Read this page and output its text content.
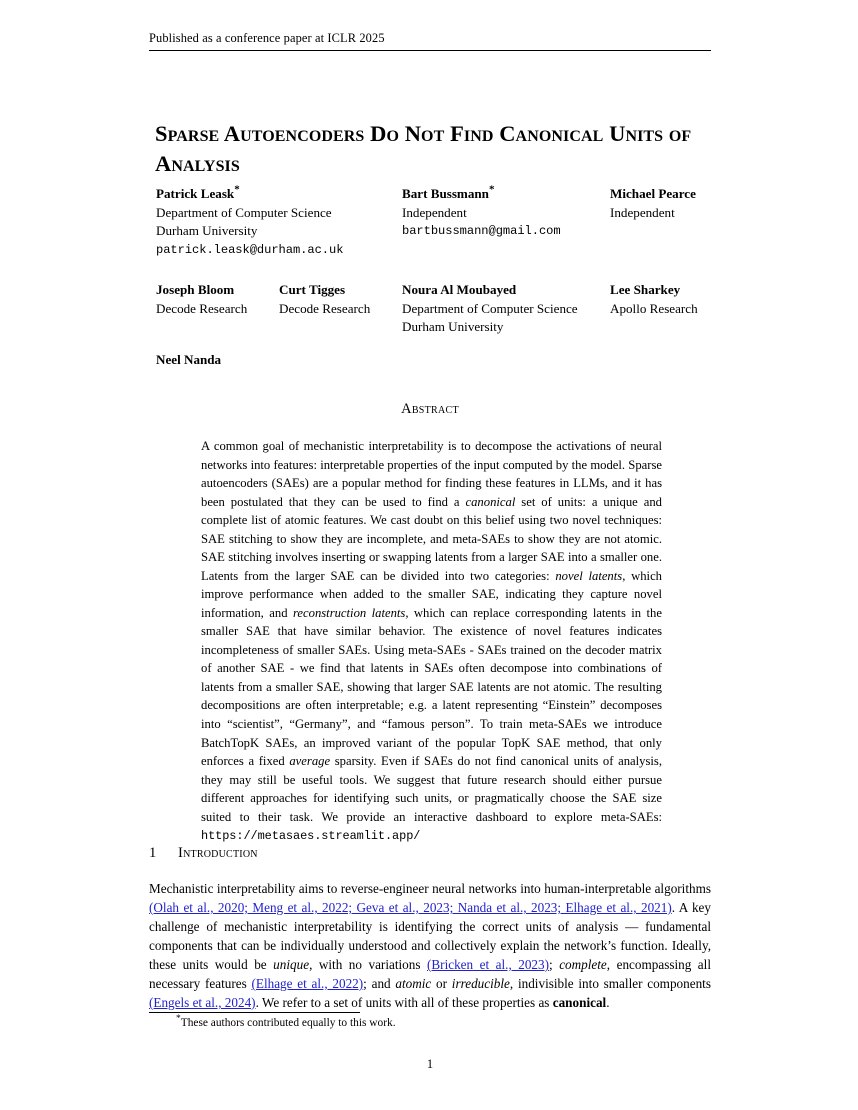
Published as a conference paper at ICLR 2025
Sparse Autoencoders Do Not Find Canonical Units of Analysis
Patrick Leask*
Department of Computer Science
Durham University
patrick.leask@durham.ac.uk
Bart Bussmann*
Independent
bartbussmann@gmail.com
Michael Pearce
Independent
Joseph Bloom
Decode Research
Curt Tigges
Decode Research
Noura Al Moubayed
Department of Computer Science
Durham University
Lee Sharkey
Apollo Research
Neel Nanda
Abstract
A common goal of mechanistic interpretability is to decompose the activations of neural networks into features: interpretable properties of the input computed by the model. Sparse autoencoders (SAEs) are a popular method for finding these features in LLMs, and it has been postulated that they can be used to find a canonical set of units: a unique and complete list of atomic features. We cast doubt on this belief using two novel techniques: SAE stitching to show they are incomplete, and meta-SAEs to show they are not atomic. SAE stitching involves inserting or swapping latents from a larger SAE into a smaller one. Latents from the larger SAE can be divided into two categories: novel latents, which improve performance when added to the smaller SAE, indicating they capture novel information, and reconstruction latents, which can replace corresponding latents in the smaller SAE that have similar behavior. The existence of novel features indicates incompleteness of smaller SAEs. Using meta-SAEs - SAEs trained on the decoder matrix of another SAE - we find that latents in SAEs often decompose into combinations of latents from a smaller SAE, showing that larger SAE latents are not atomic. The resulting decompositions are often interpretable; e.g. a latent representing “Einstein” decomposes into “scientist”, “Germany”, and “famous person”. To train meta-SAEs we introduce BatchTopK SAEs, an improved variant of the popular TopK SAE method, that only enforces a fixed average sparsity. Even if SAEs do not find canonical units of analysis, they may still be useful tools. We suggest that future research should either pursue different approaches for identifying such units, or pragmatically choose the SAE size suited to their task. We provide an interactive dashboard to explore meta-SAEs: https://metasaes.streamlit.app/
1 Introduction
Mechanistic interpretability aims to reverse-engineer neural networks into human-interpretable algorithms (Olah et al., 2020; Meng et al., 2022; Geva et al., 2023; Nanda et al., 2023; Elhage et al., 2021). A key challenge of mechanistic interpretability is identifying the correct units of analysis — fundamental components that can be individually understood and collectively explain the network’s function. Ideally, these units would be unique, with no variations (Bricken et al., 2023); complete, encompassing all necessary features (Elhage et al., 2022); and atomic or irreducible, indivisible into smaller components (Engels et al., 2024). We refer to a set of units with all of these properties as canonical.
*These authors contributed equally to this work.
1
